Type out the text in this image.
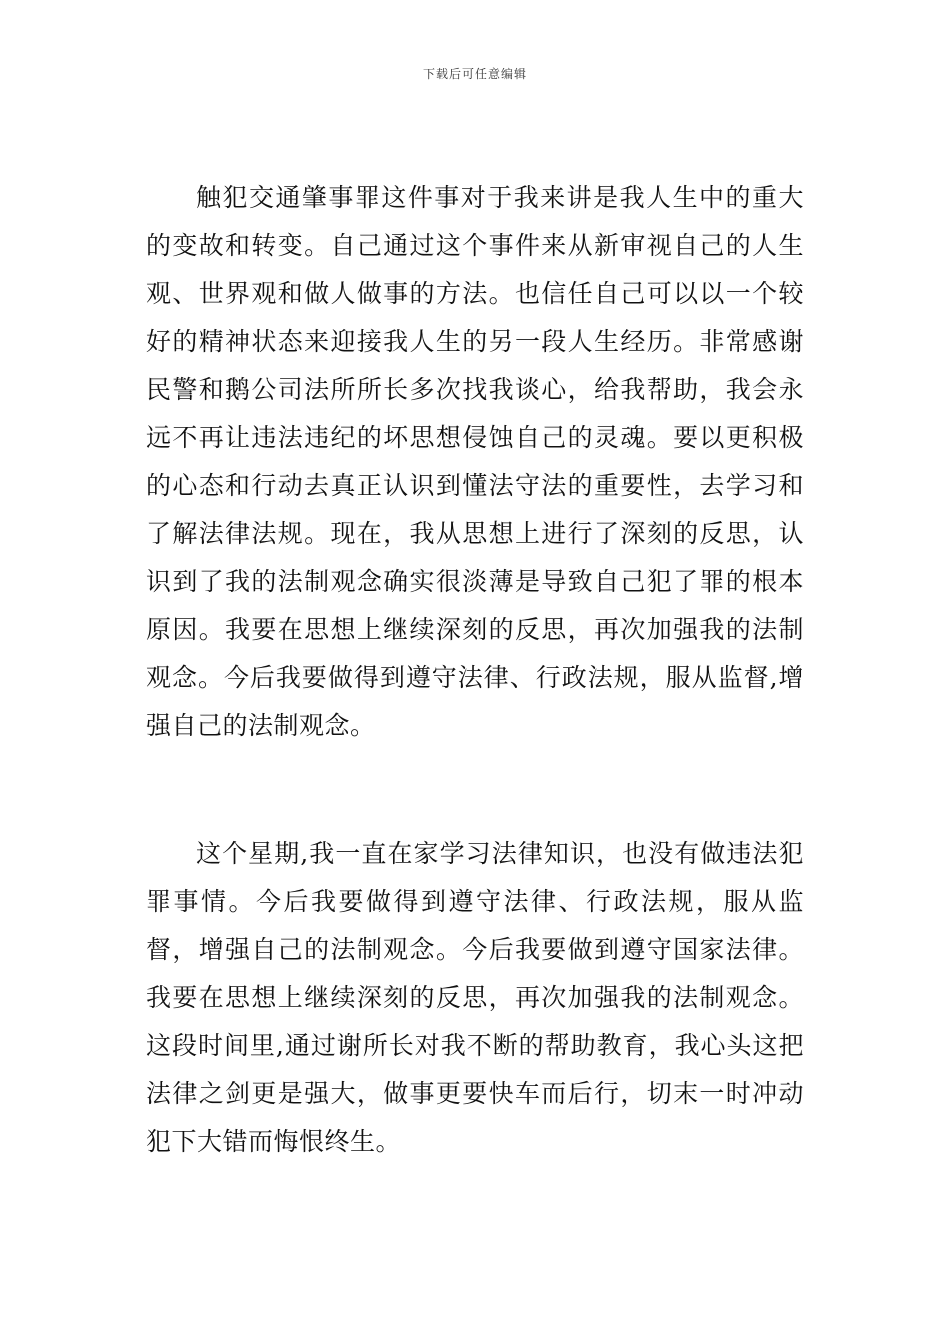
下载后可任意编辑

触犯交通肇事罪这件事对于我来讲是我人生中的重大的变故和转变。自己通过这个事件来从新审视自己的人生观、世界观和做人做事的方法。也信任自己可以以一个较好的精神状态来迎接我人生的另一段人生经历。非常感谢民警和鹅公司法所所长多次找我谈心，给我帮助，我会永远不再让违法违纪的坏思想侵蚀自己的灵魂。要以更积极的心态和行动去真正认识到懂法守法的重要性，去学习和了解法律法规。现在，我从思想上进行了深刻的反思，认识到了我的法制观念确实很淡薄是导致自己犯了罪的根本原因。我要在思想上继续深刻的反思，再次加强我的法制观念。今后我要做得到遵守法律、行政法规，服从监督,增强自己的法制观念。

这个星期,我一直在家学习法律知识，也没有做违法犯罪事情。今后我要做得到遵守法律、行政法规，服从监督，增强自己的法制观念。今后我要做到遵守国家法律。我要在思想上继续深刻的反思，再次加强我的法制观念。这段时间里,通过谢所长对我不断的帮助教育，我心头这把法律之剑更是强大，做事更要快车而后行，切末一时冲动犯下大错而悔恨终生。
